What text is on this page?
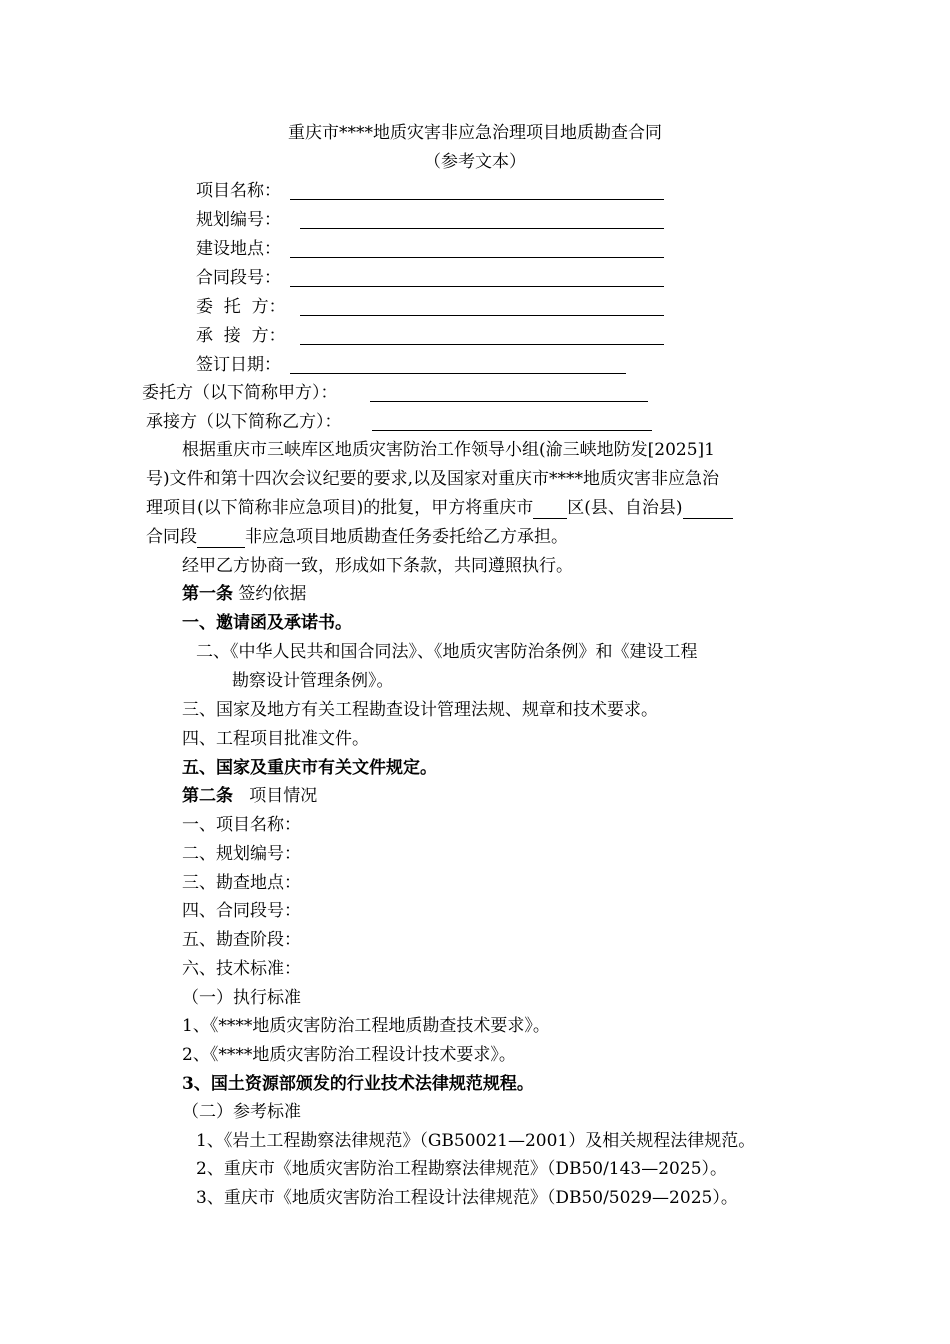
重庆市****地质灾害非应急治理项目地质勘查合同
（参考文本）
项目名称：
规划编号：
建设地点：
合同段号：
委  托  方：
承  接  方：
签订日期：
委托方（以下简称甲方）：
承接方（以下简称乙方）：
根据重庆市三峡库区地质灾害防治工作领导小组(渝三峡地防发[2025]1
号)文件和第十四次会议纪要的要求,以及国家对重庆市****地质灾害非应急治
理项目(以下简称非应急项目)的批复，甲方将重庆市 区(县、自治县)
合同段	非应急项目地质勘查任务委托给乙方承担。
经甲乙方协商一致，形成如下条款，共同遵照执行。
第一条 签约依据
一、邀请函及承诺书。
二、《中华人民共和国合同法》、《地质灾害防治条例》和《建设工程
勘察设计管理条例》。
三、国家及地方有关工程勘查设计管理法规、规章和技术要求。
四、工程项目批准文件。
五、国家及重庆市有关文件规定。
第二条 项目情况
一、项目名称：
二、规划编号：
三、勘查地点：
四、合同段号：
五、勘查阶段：
六、技术标准：
（一）执行标准
1、《****地质灾害防治工程地质勘查技术要求》。
2、《****地质灾害防治工程设计技术要求》。
3、国土资源部颁发的行业技术法律规范规程。
（二）参考标准
1、《岩土工程勘察法律规范》（GB50021—2001）及相关规程法律规范。
2、重庆市《地质灾害防治工程勘察法律规范》（DB50/143—2025）。
3、重庆市《地质灾害防治工程设计法律规范》（DB50/5029—2025）。
